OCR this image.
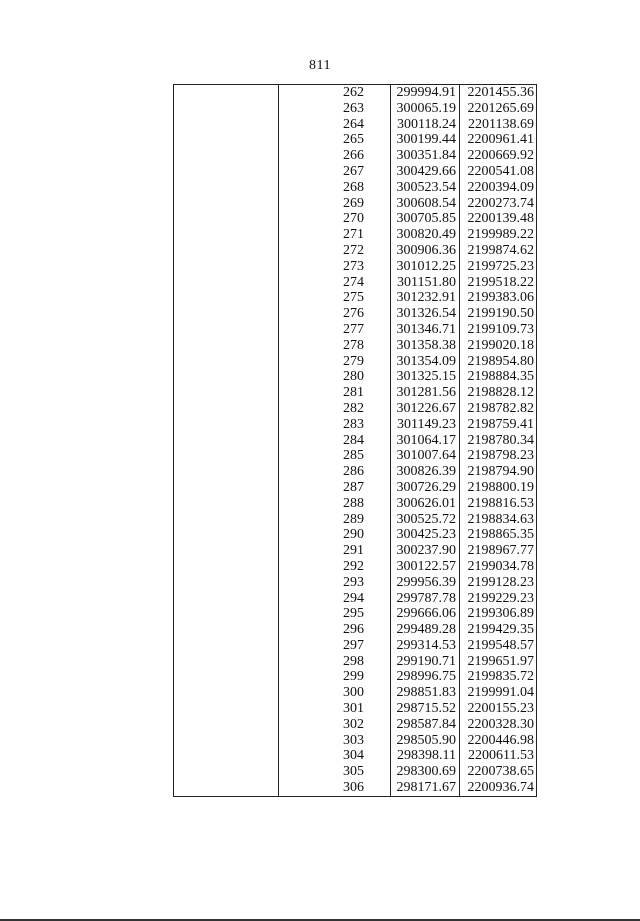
811
	262	299994.91	2201455.36
	263	300065.19	2201265.69
	264	300118.24	2201138.69
	265	300199.44	2200961.41
	266	300351.84	2200669.92
	267	300429.66	2200541.08
	268	300523.54	2200394.09
	269	300608.54	2200273.74
	270	300705.85	2200139.48
	271	300820.49	2199989.22
	272	300906.36	2199874.62
	273	301012.25	2199725.23
	274	301151.80	2199518.22
	275	301232.91	2199383.06
	276	301326.54	2199190.50
	277	301346.71	2199109.73
	278	301358.38	2199020.18
	279	301354.09	2198954.80
	280	301325.15	2198884.35
	281	301281.56	2198828.12
	282	301226.67	2198782.82
	283	301149.23	2198759.41
	284	301064.17	2198780.34
	285	301007.64	2198798.23
	286	300826.39	2198794.90
	287	300726.29	2198800.19
	288	300626.01	2198816.53
	289	300525.72	2198834.63
	290	300425.23	2198865.35
	291	300237.90	2198967.77
	292	300122.57	2199034.78
	293	299956.39	2199128.23
	294	299787.78	2199229.23
	295	299666.06	2199306.89
	296	299489.28	2199429.35
	297	299314.53	2199548.57
	298	299190.71	2199651.97
	299	298996.75	2199835.72
	300	298851.83	2199991.04
	301	298715.52	2200155.23
	302	298587.84	2200328.30
	303	298505.90	2200446.98
	304	298398.11	2200611.53
	305	298300.69	2200738.65
	306	298171.67	2200936.74
